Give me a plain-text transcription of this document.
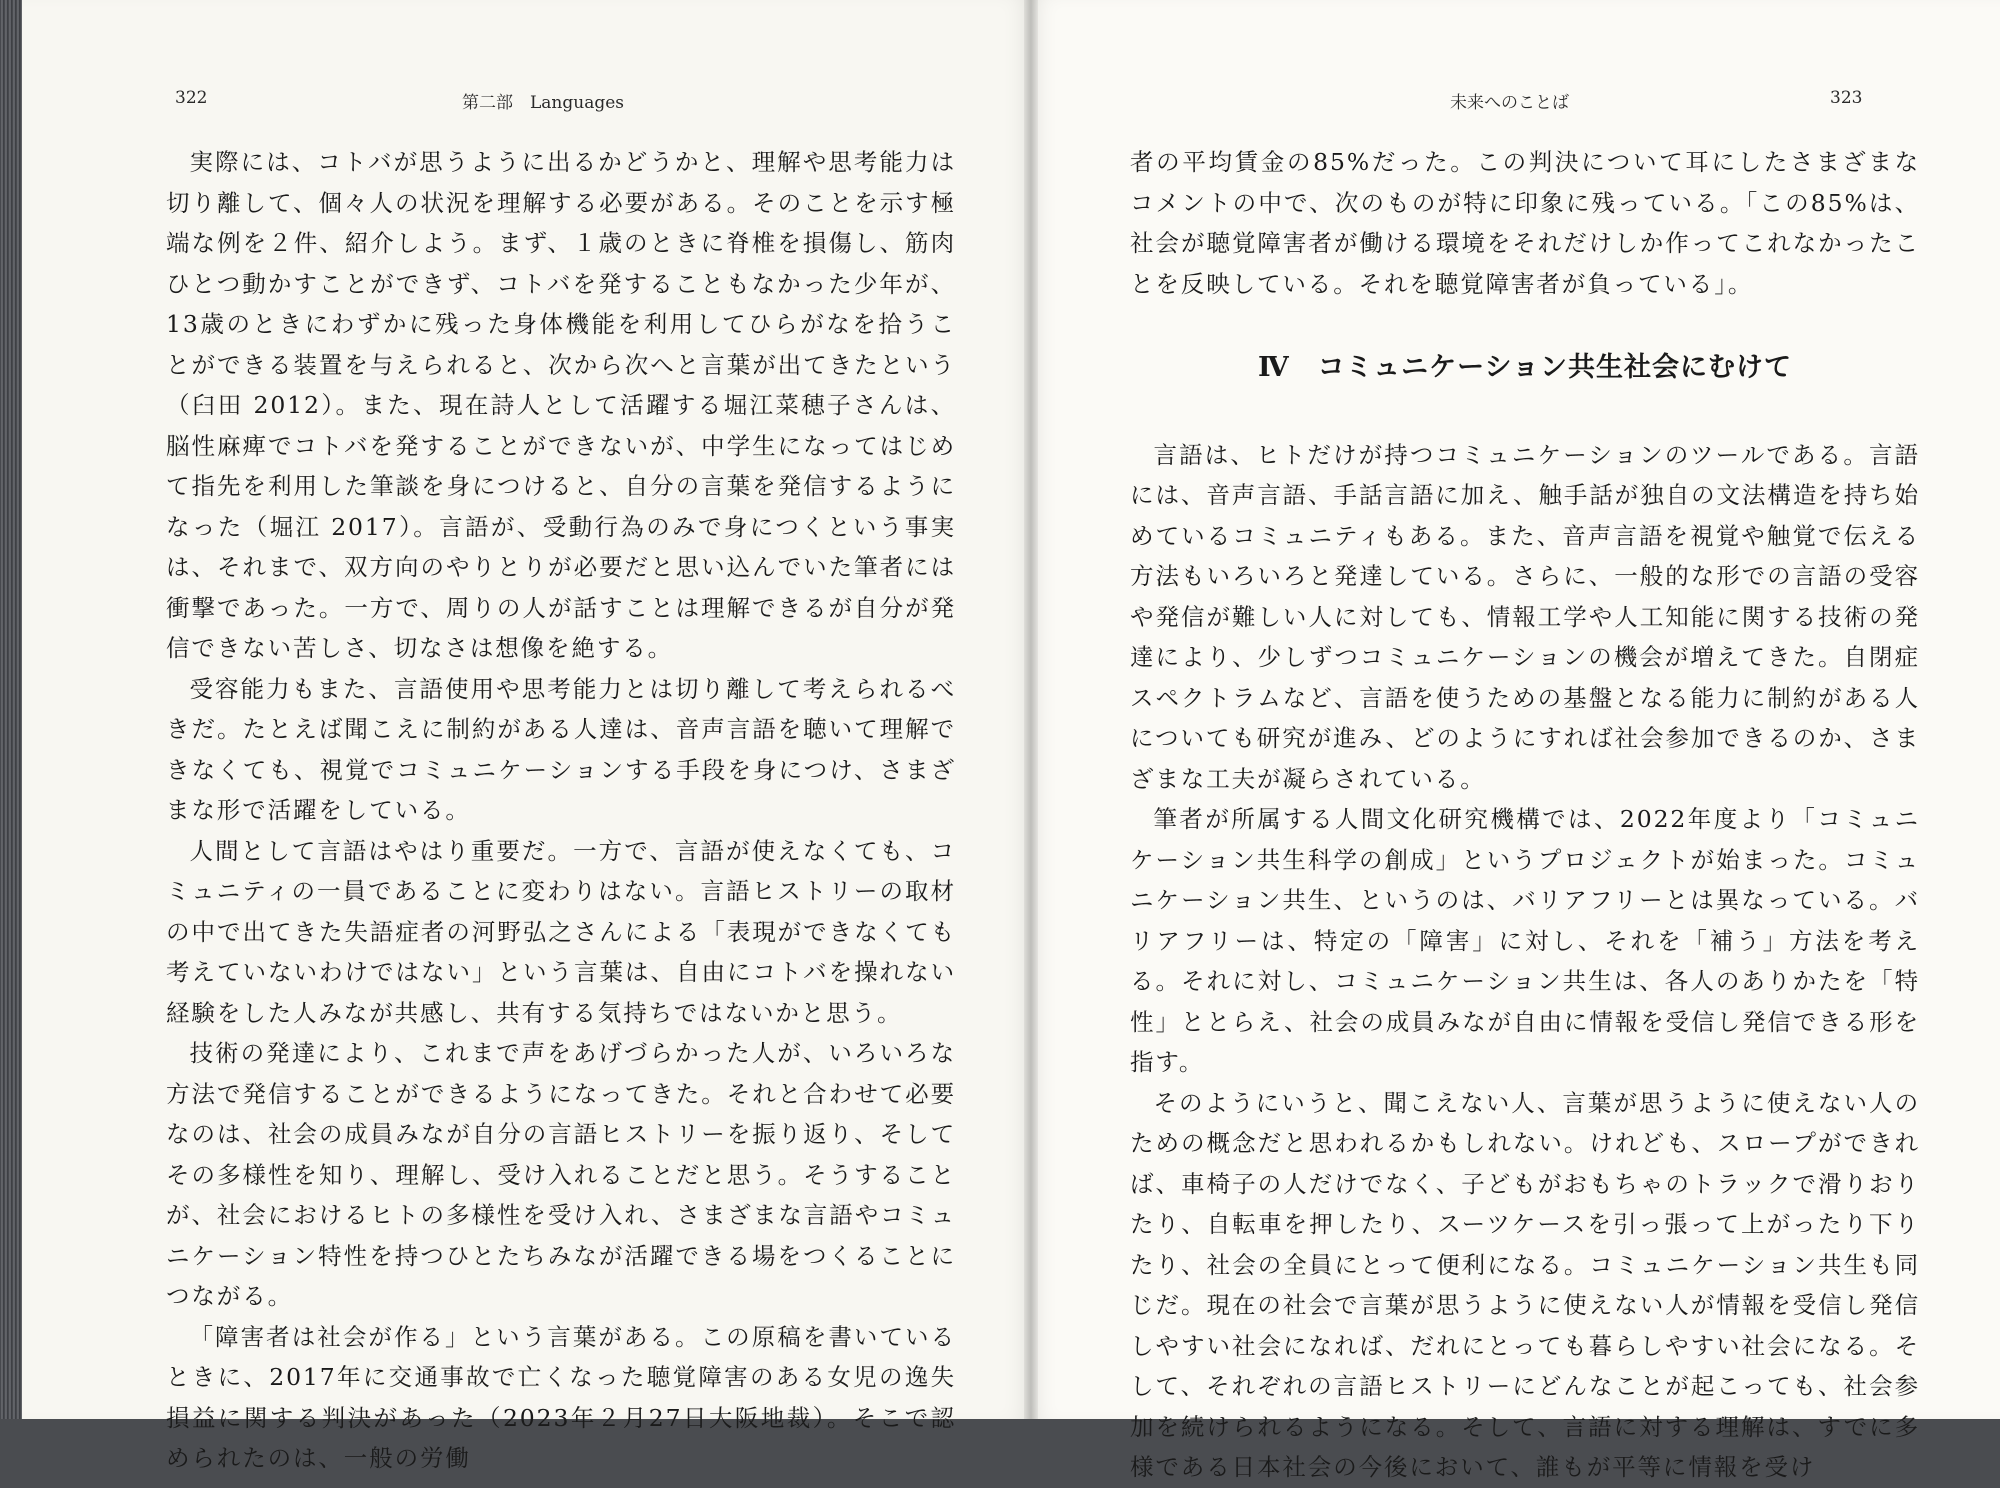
322	第二部　Languages

実際には、コトバが思うように出るかどうかと、理解や思考能力は切り離して、個々人の状況を理解する必要がある。そのことを示す極端な例を２件、紹介しよう。まず、１歳のときに脊椎を損傷し、筋肉ひとつ動かすことができず、コトバを発することもなかった少年が、13歳のときにわずかに残った身体機能を利用してひらがなを拾うことができる装置を与えられると、次から次へと言葉が出てきたという（臼田 2012）。また、現在詩人として活躍する堀江菜穂子さんは、脳性麻痺でコトバを発することができないが、中学生になってはじめて指先を利用した筆談を身につけると、自分の言葉を発信するようになった（堀江 2017）。言語が、受動行為のみで身につくという事実は、それまで、双方向のやりとりが必要だと思い込んでいた筆者には衝撃であった。一方で、周りの人が話すことは理解できるが自分が発信できない苦しさ、切なさは想像を絶する。

受容能力もまた、言語使用や思考能力とは切り離して考えられるべきだ。たとえば聞こえに制約がある人達は、音声言語を聴いて理解できなくても、視覚でコミュニケーションする手段を身につけ、さまざまな形で活躍をしている。

人間として言語はやはり重要だ。一方で、言語が使えなくても、コミュニティの一員であることに変わりはない。言語ヒストリーの取材の中で出てきた失語症者の河野弘之さんによる「表現ができなくても考えていないわけではない」という言葉は、自由にコトバを操れない経験をした人みなが共感し、共有する気持ちではないかと思う。

技術の発達により、これまで声をあげづらかった人が、いろいろな方法で発信することができるようになってきた。それと合わせて必要なのは、社会の成員みなが自分の言語ヒストリーを振り返り、そしてその多様性を知り、理解し、受け入れることだと思う。そうすることが、社会におけるヒトの多様性を受け入れ、さまざまな言語やコミュニケーション特性を持つひとたちみなが活躍できる場をつくることにつながる。

「障害者は社会が作る」という言葉がある。この原稿を書いているときに、2017年に交通事故で亡くなった聴覚障害のある女児の逸失損益に関する判決があった（2023年２月27日大阪地裁）。そこで認められたのは、一般の労働

未来へのことば	323

者の平均賃金の85%だった。この判決について耳にしたさまざまなコメントの中で、次のものが特に印象に残っている。「この85%は、社会が聴覚障害者が働ける環境をそれだけしか作ってこれなかったことを反映している。それを聴覚障害者が負っている」。

Ⅳ　コミュニケーション共生社会にむけて

言語は、ヒトだけが持つコミュニケーションのツールである。言語には、音声言語、手話言語に加え、触手話が独自の文法構造を持ち始めているコミュニティもある。また、音声言語を視覚や触覚で伝える方法もいろいろと発達している。さらに、一般的な形での言語の受容や発信が難しい人に対しても、情報工学や人工知能に関する技術の発達により、少しずつコミュニケーションの機会が増えてきた。自閉症スペクトラムなど、言語を使うための基盤となる能力に制約がある人についても研究が進み、どのようにすれば社会参加できるのか、さまざまな工夫が凝らされている。

筆者が所属する人間文化研究機構では、2022年度より「コミュニケーション共生科学の創成」というプロジェクトが始まった。コミュニケーション共生、というのは、バリアフリーとは異なっている。バリアフリーは、特定の「障害」に対し、それを「補う」方法を考える。それに対し、コミュニケーション共生は、各人のありかたを「特性」ととらえ、社会の成員みなが自由に情報を受信し発信できる形を指す。

そのようにいうと、聞こえない人、言葉が思うように使えない人のための概念だと思われるかもしれない。けれども、スロープができれば、車椅子の人だけでなく、子どもがおもちゃのトラックで滑りおりたり、自転車を押したり、スーツケースを引っ張って上がったり下りたり、社会の全員にとって便利になる。コミュニケーション共生も同じだ。現在の社会で言葉が思うように使えない人が情報を受信し発信しやすい社会になれば、だれにとっても暮らしやすい社会になる。そして、それぞれの言語ヒストリーにどんなことが起こっても、社会参加を続けられるようになる。そして、言語に対する理解は、すでに多様である日本社会の今後において、誰もが平等に情報を受け
